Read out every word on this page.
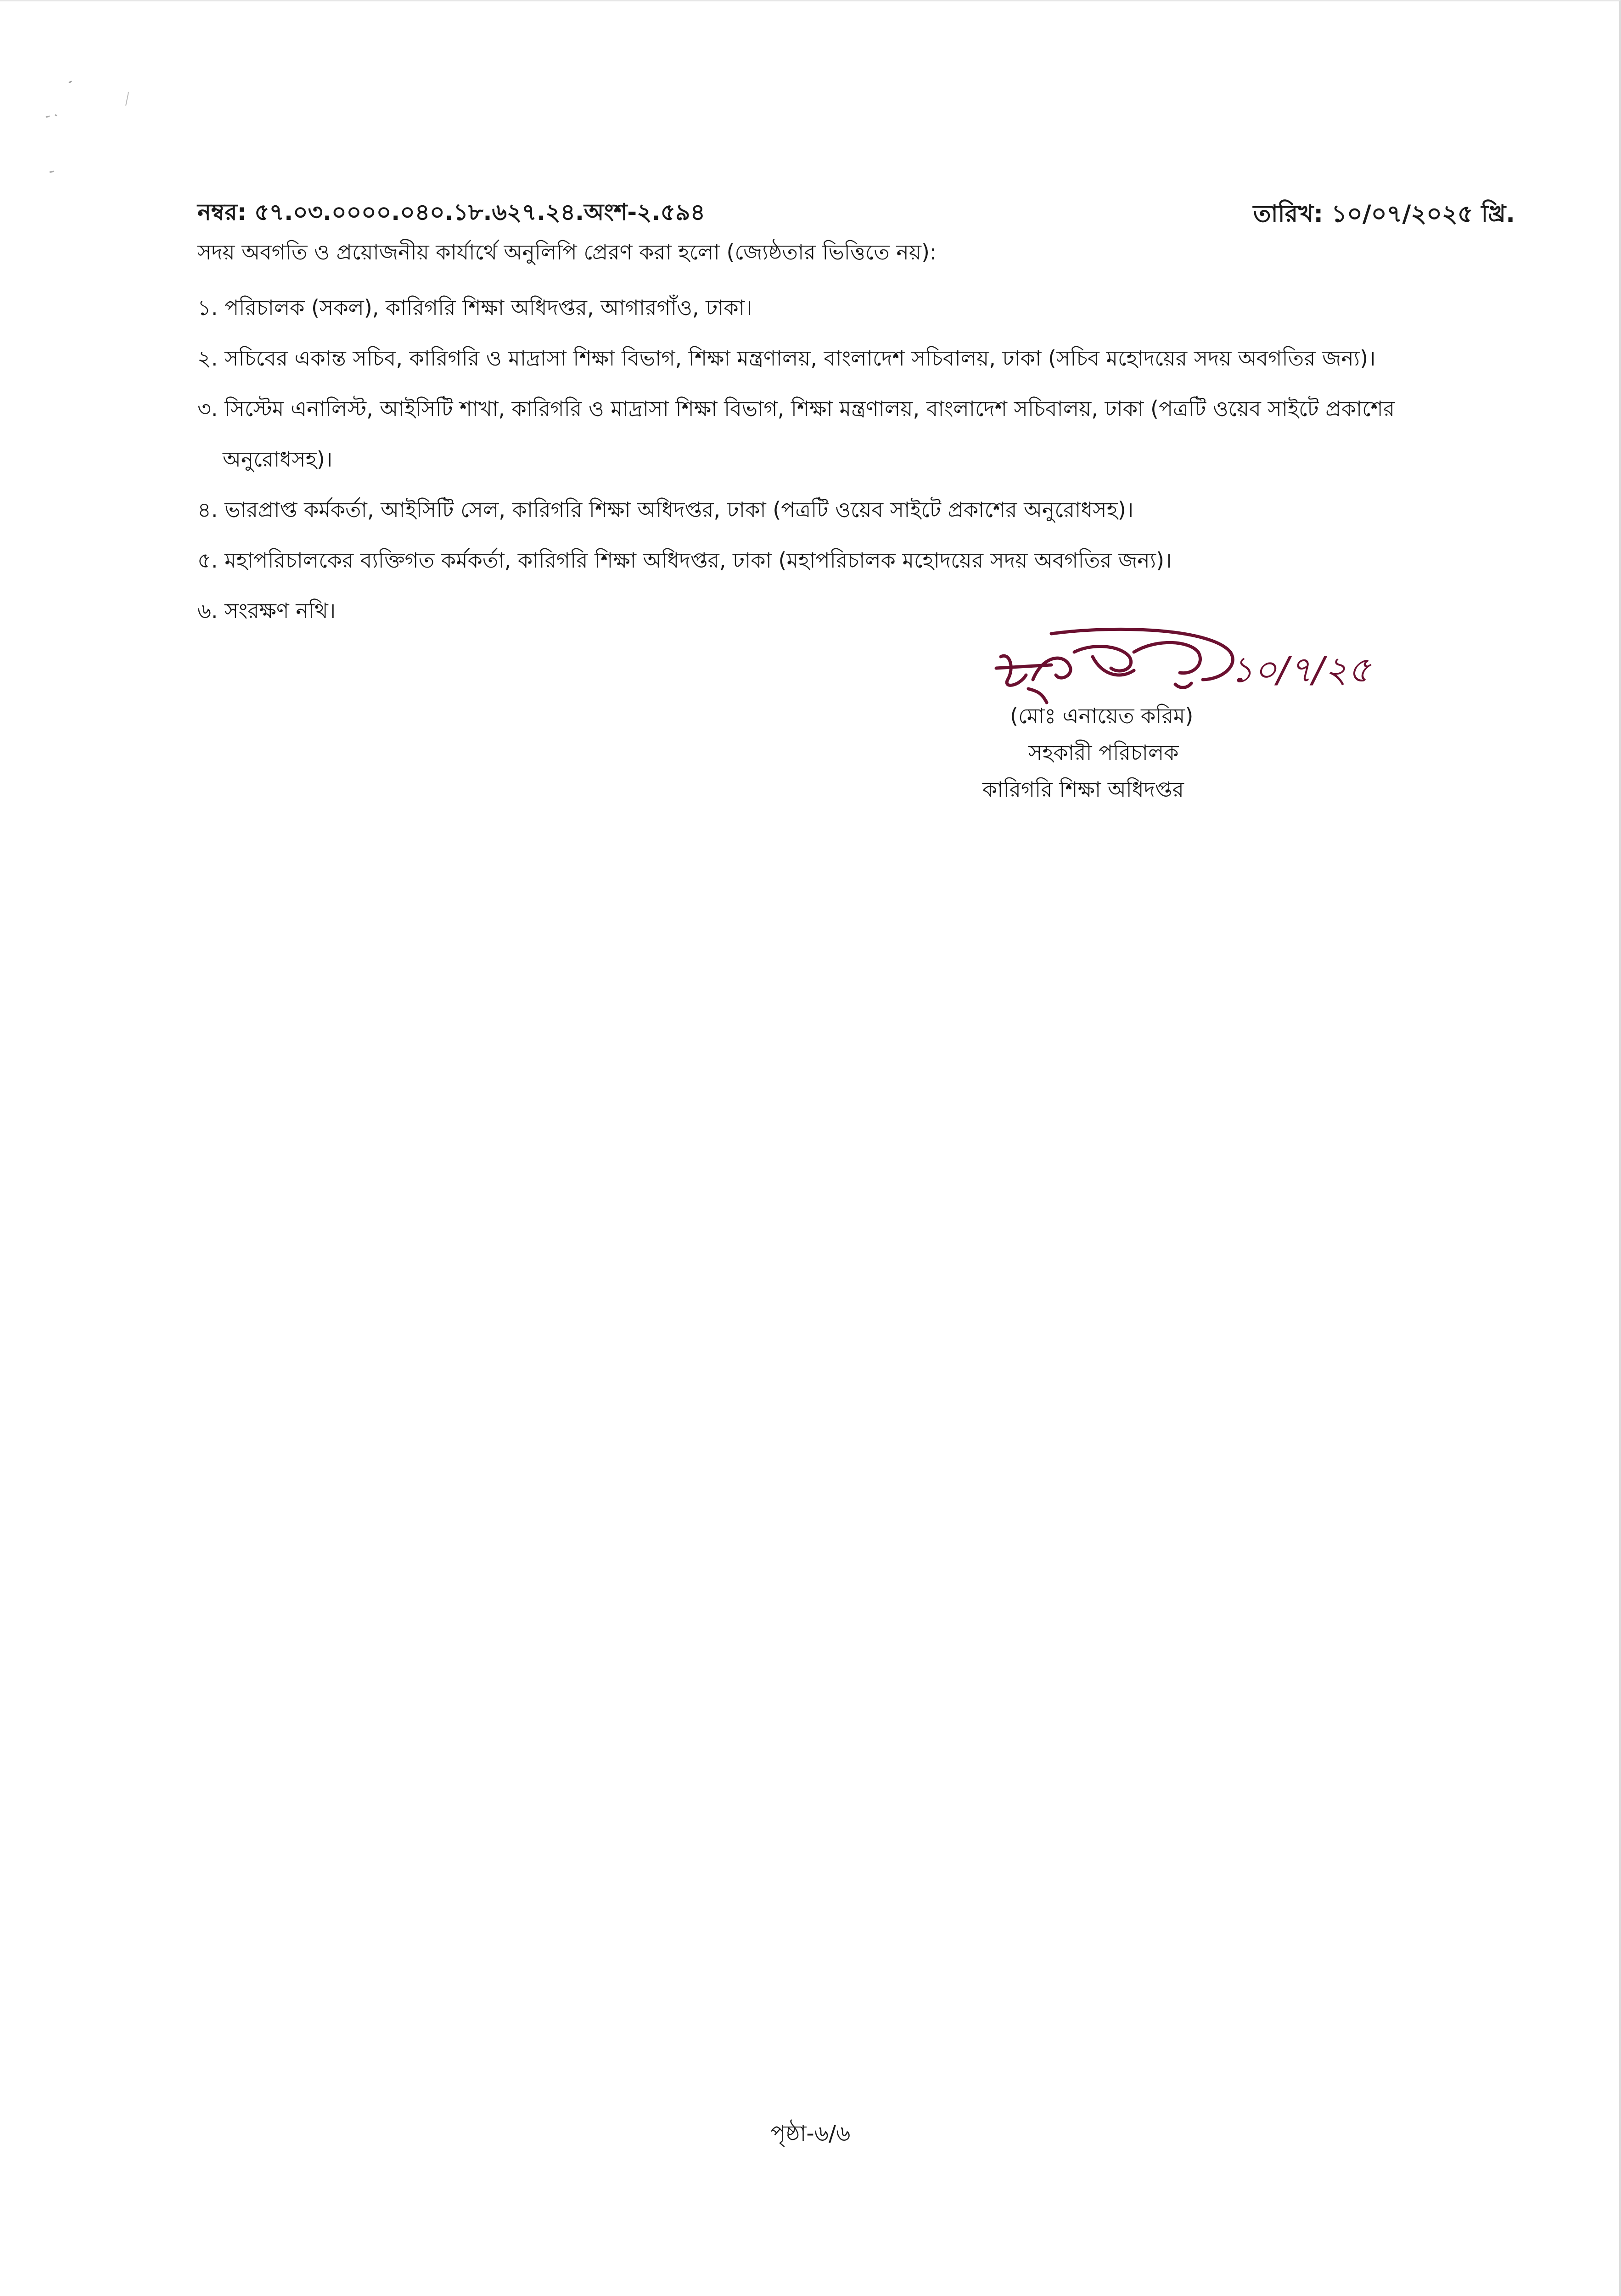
নম্বর: ৫৭.০৩.০০০০.০৪০.১৮.৬২৭.২৪.অংশ-২.৫৯৪	তারিখ: ১০/০৭/২০২৫ খ্রি.
সদয় অবগতি ও প্রয়োজনীয় কার্যার্থে অনুলিপি প্রেরণ করা হলো (জ্যেষ্ঠতার ভিত্তিতে নয়):
১. পরিচালক (সকল), কারিগরি শিক্ষা অধিদপ্তর, আগারগাঁও, ঢাকা।
২. সচিবের একান্ত সচিব, কারিগরি ও মাদ্রাসা শিক্ষা বিভাগ, শিক্ষা মন্ত্রণালয়, বাংলাদেশ সচিবালয়, ঢাকা (সচিব মহোদয়ের সদয় অবগতির জন্য)।
৩. সিস্টেম এনালিস্ট, আইসিটি শাখা, কারিগরি ও মাদ্রাসা শিক্ষা বিভাগ, শিক্ষা মন্ত্রণালয়, বাংলাদেশ সচিবালয়, ঢাকা (পত্রটি ওয়েব সাইটে প্রকাশের
অনুরোধসহ)।
৪. ভারপ্রাপ্ত কর্মকর্তা, আইসিটি সেল, কারিগরি শিক্ষা অধিদপ্তর, ঢাকা (পত্রটি ওয়েব সাইটে প্রকাশের অনুরোধসহ)।
৫. মহাপরিচালকের ব্যক্তিগত কর্মকর্তা, কারিগরি শিক্ষা অধিদপ্তর, ঢাকা (মহাপরিচালক মহোদয়ের সদয় অবগতির জন্য)।
৬. সংরক্ষণ নথি।
১০/৭/২৫
(মোঃ এনায়েত করিম)
সহকারী পরিচালক
কারিগরি শিক্ষা অধিদপ্তর
পৃষ্ঠা-৬/৬
